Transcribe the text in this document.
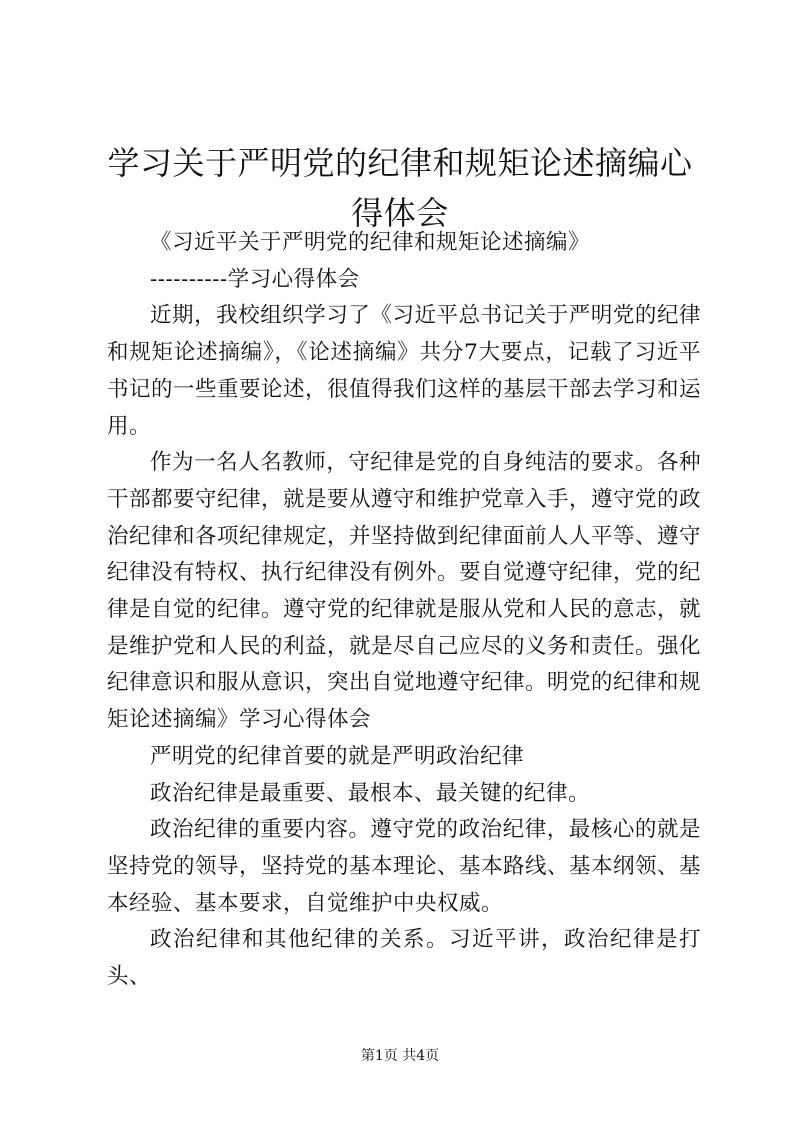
学习关于严明党的纪律和规矩论述摘编心得体会

《习近平关于严明党的纪律和规矩论述摘编》

----------学习心得体会

近期，我校组织学习了《习近平总书记关于严明党的纪律和规矩论述摘编》，《论述摘编》共分7大要点，记载了习近平书记的一些重要论述，很值得我们这样的基层干部去学习和运用。

作为一名人名教师，守纪律是党的自身纯洁的要求。各种干部都要守纪律，就是要从遵守和维护党章入手，遵守党的政治纪律和各项纪律规定，并坚持做到纪律面前人人平等、遵守纪律没有特权、执行纪律没有例外。要自觉遵守纪律，党的纪律是自觉的纪律。遵守党的纪律就是服从党和人民的意志，就是维护党和人民的利益，就是尽自己应尽的义务和责任。强化纪律意识和服从意识，突出自觉地遵守纪律。明党的纪律和规矩论述摘编》学习心得体会

严明党的纪律首要的就是严明政治纪律

政治纪律是最重要、最根本、最关键的纪律。

政治纪律的重要内容。遵守党的政治纪律，最核心的就是坚持党的领导，坚持党的基本理论、基本路线、基本纲领、基本经验、基本要求，自觉维护中央权威。

政治纪律和其他纪律的关系。习近平讲，政治纪律是打头、

第1页 共4页
